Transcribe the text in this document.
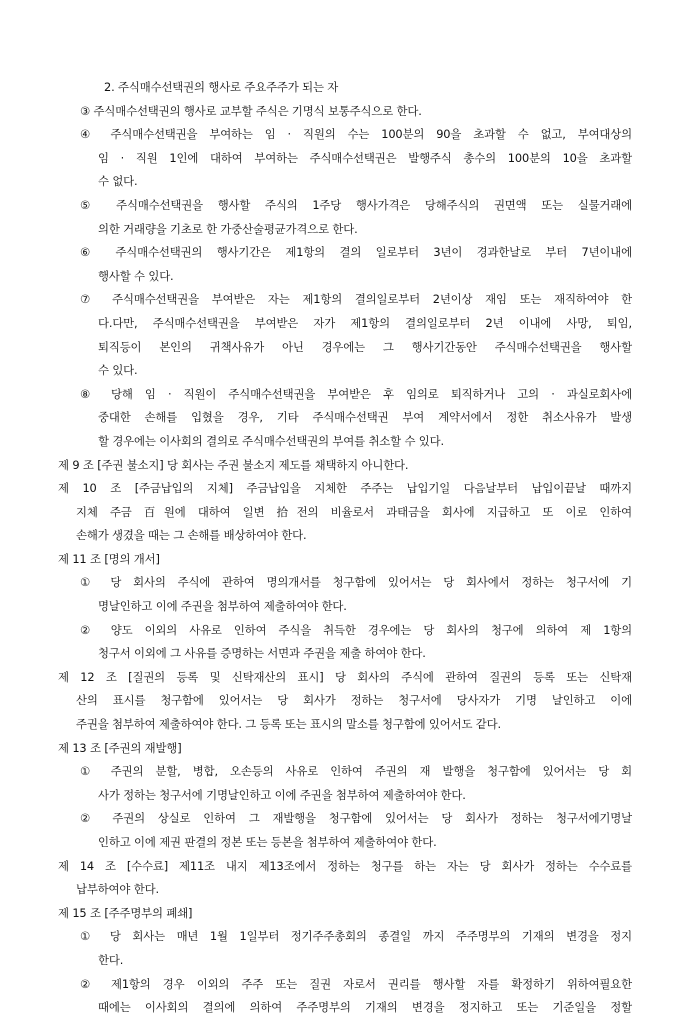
2. 주식매수선택권의 행사로 주요주주가 되는 자
③ 주식매수선택권의 행사로 교부할 주식은 기명식 보통주식으로 한다.
④ 주식매수선택권을 부여하는 임 · 직원의 수는 100분의 90을 초과할 수 없고, 부여대상의
임 · 직원 1인에 대하여 부여하는 주식매수선택권은 발행주식 총수의 100분의 10을 초과할
수 없다.
⑤ 주식매수선택권을 행사할 주식의 1주당 행사가격은 당해주식의 권면액 또는 실물거래에
의한 거래량을 기초로 한 가중산술평균가격으로 한다.
⑥ 주식매수선택권의 행사기간은 제1항의 결의 일로부터 3년이 경과한날로 부터 7년이내에
행사할 수 있다.
⑦ 주식매수선택권을 부여받은 자는 제1항의 결의일로부터 2년이상 재임 또는 재직하여야 한
다.다만, 주식매수선택권을 부여받은 자가 제1항의 결의일로부터 2년 이내에 사망, 퇴임,
퇴직등이 본인의 귀책사유가 아닌 경우에는 그 행사기간동안 주식매수선택권을 행사할
수 있다.
⑧ 당해 임 · 직원이 주식매수선택권을 부여받은 후 임의로 퇴직하거나 고의 · 과실로회사에
중대한 손해를 입혔을 경우, 기타 주식매수선택권 부여 계약서에서 정한 취소사유가 발생
할 경우에는 이사회의 결의로 주식매수선택권의 부여를 취소할 수 있다.
제 9 조 [주권 불소지] 당 회사는 주권 불소지 제도를 채택하지 아니한다.
제 10 조 [주금납입의 지체] 주금납입을 지체한 주주는 납입기일 다음날부터 납입이끝날 때까지
지체 주금 百원에 대하여 일변 拾전의 비율로서 과태금을 회사에 지급하고 또 이로 인하여
손해가 생겼을 때는 그 손해를 배상하여야 한다.
제 11 조 [명의 개서]
① 당 회사의 주식에 관하여 명의개서를 청구함에 있어서는 당 회사에서 정하는 청구서에 기
명날인하고 이에 주권을 첨부하여 제출하여야 한다.
② 양도 이외의 사유로 인하여 주식을 취득한 경우에는 당 회사의 청구에 의하여 제 1항의
청구서 이외에 그 사유를 증명하는 서면과 주권을 제출 하여야 한다.
제 12 조 [질권의 등록 및 신탁재산의 표시] 당 회사의 주식에 관하여 질권의 등록 또는 신탁재
산의 표시를 청구함에 있어서는 당 회사가 정하는 청구서에 당사자가 기명 날인하고 이에
주권을 첨부하여 제출하여야 한다. 그 등록 또는 표시의 말소를 청구함에 있어서도 같다.
제 13 조 [주권의 재발행]
① 주권의 분할, 병합, 오손등의 사유로 인하여 주권의 재 발행을 청구함에 있어서는 당 회
사가 정하는 청구서에 기명날인하고 이에 주권을 첨부하여 제출하여야 한다.
② 주권의 상실로 인하여 그 재발행을 청구함에 있어서는 당 회사가 정하는 청구서에기명날
인하고 이에 제권 판결의 정본 또는 등본을 첨부하여 제출하여야 한다.
제 14 조 [수수료] 제11조 내지 제13조에서 정하는 청구를 하는 자는 당 회사가 정하는 수수료를
납부하여야 한다.
제 15 조 [주주명부의 폐쇄]
① 당 회사는 매년 1월 1일부터 정기주주총회의 종결일 까지 주주명부의 기재의 변경을 정지
한다.
② 제1항의 경우 이외의 주주 또는 질권 자로서 권리를 행사할 자를 확정하기 위하여필요한
때에는 이사회의 결의에 의하여 주주명부의 기재의 변경을 정지하고 또는 기준일을 정할
